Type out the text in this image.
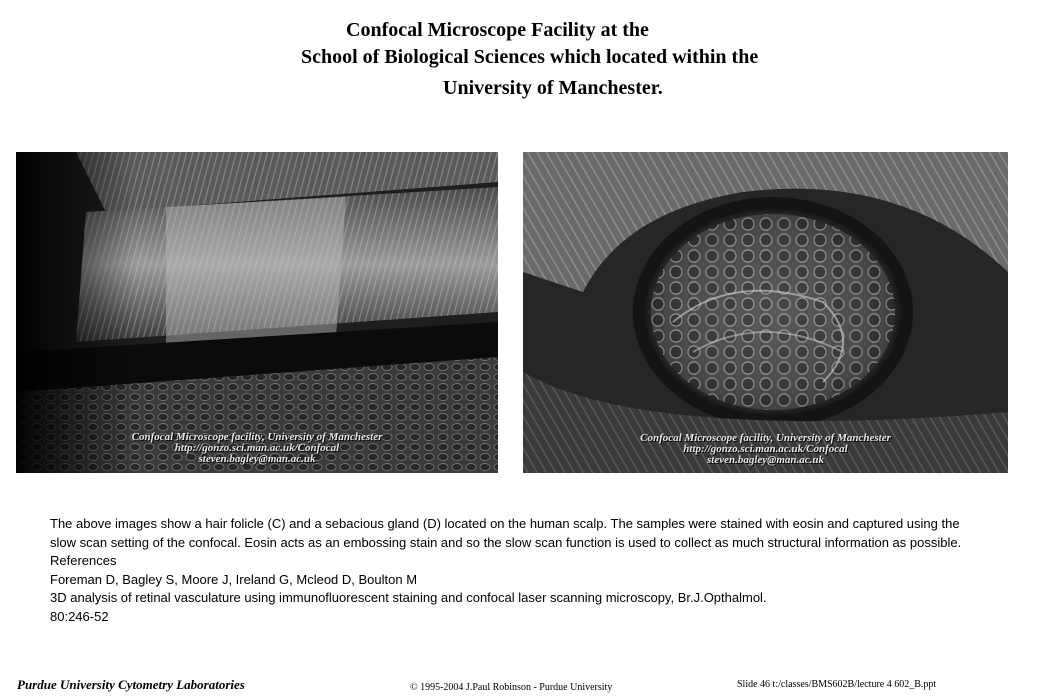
Confocal Microscope Facility at the
School of Biological Sciences which located within the
University of Manchester.
Confocal Microscope facility, University of Manchester
http://gonzo.sci.man.ac.uk/Confocal
steven.bagley@man.ac.uk
Confocal Microscope facility, University of Manchester
http://gonzo.sci.man.ac.uk/Confocal
steven.bagley@man.ac.uk

The above images show a hair folicle (C) and a sebacious gland (D) located on the human scalp. The samples were stained with eosin and captured using the slow scan setting of the confocal. Eosin acts as an embossing stain and so the slow scan function is used to collect as much structural information as possible.

References

Foreman D, Bagley S, Moore J, Ireland G, Mcleod D, Boulton M

3D analysis of retinal vasculature using immunofluorescent staining and confocal laser scanning microscopy, Br.J.Opthalmol.

80:246-52

Purdue University Cytometry Laboratories	© 1995-2004 J.Paul Robinson - Purdue University	Slide 46 t:/classes/BMS602B/lecture 4 602_B.ppt
